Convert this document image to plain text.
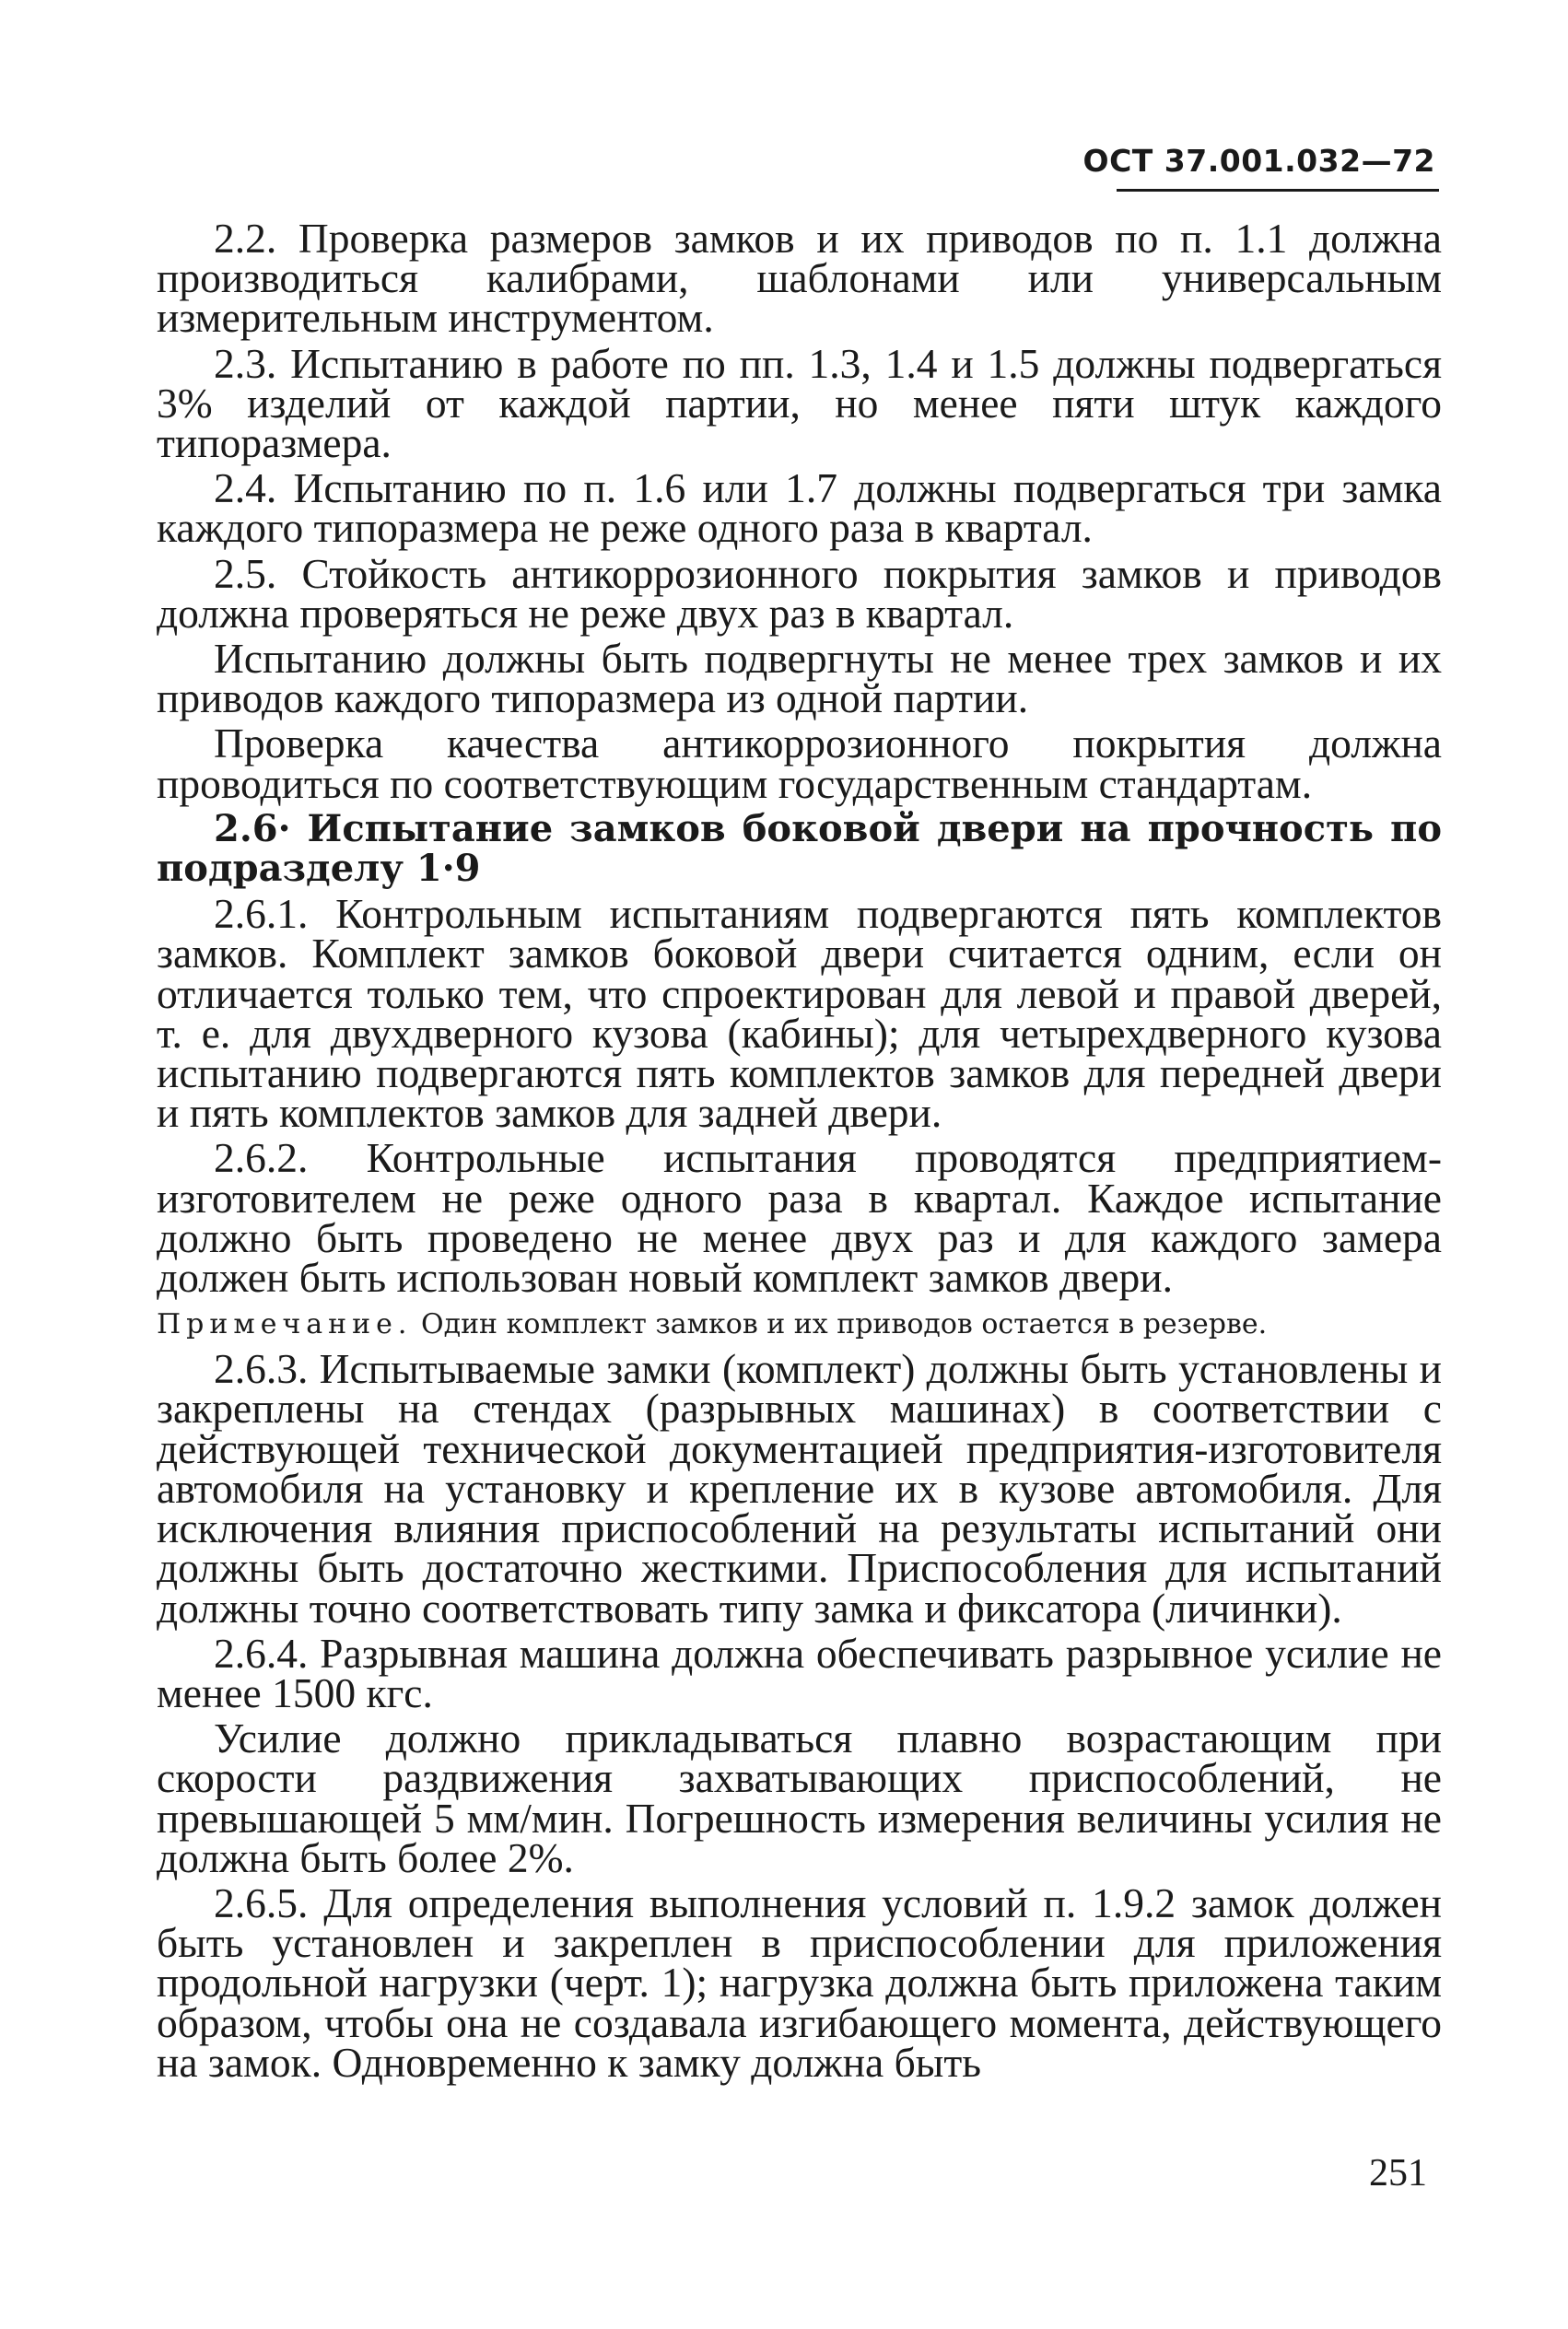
ОСТ 37.001.032—72

2.2. Проверка размеров замков и их приводов по п. 1.1 должна производиться калибрами, шаблонами или универсальным измерительным инструментом.

2.3. Испытанию в работе по пп. 1.3, 1.4 и 1.5 должны подвергаться 3% изделий от каждой партии, но менее пяти штук каждого типоразмера.

2.4. Испытанию по п. 1.6 или 1.7 должны подвергаться три замка каждого типоразмера не реже одного раза в квартал.

2.5. Стойкость антикоррозионного покрытия замков и приводов должна проверяться не реже двух раз в квартал.

Испытанию должны быть подвергнуты не менее трех замков и их приводов каждого типоразмера из одной партии.

Проверка качества антикоррозионного покрытия должна проводиться по соответствующим государственным стандартам.

2.6· Испытание замков боковой двери на прочность по подразделу 1·9

2.6.1. Контрольным испытаниям подвергаются пять комплектов замков. Комплект замков боковой двери считается одним, если он отличается только тем, что спроектирован для левой и правой дверей, т. е. для двухдверного кузова (кабины); для четырехдверного кузова испытанию подвергаются пять комплектов замков для передней двери и пять комплектов замков для задней двери.

2.6.2. Контрольные испытания проводятся предприятием-изготовителем не реже одного раза в квартал. Каждое испытание должно быть проведено не менее двух раз и для каждого замера должен быть использован новый комплект замков двери.

Примечание. Один комплект замков и их приводов остается в резерве.

2.6.3. Испытываемые замки (комплект) должны быть установлены и закреплены на стендах (разрывных машинах) в соответствии с действующей технической документацией предприятия-изготовителя автомобиля на установку и крепление их в кузове автомобиля. Для исключения влияния приспособлений на результаты испытаний они должны быть достаточно жесткими. Приспособления для испытаний должны точно соответствовать типу замка и фиксатора (личинки).

2.6.4. Разрывная машина должна обеспечивать разрывное усилие не менее 1500 кгс.

Усилие должно прикладываться плавно возрастающим при скорости раздвижения захватывающих приспособлений, не превышающей 5 мм/мин. Погрешность измерения величины усилия не должна быть более 2%.

2.6.5. Для определения выполнения условий п. 1.9.2 замок должен быть установлен и закреплен в приспособлении для приложения продольной нагрузки (черт. 1); нагрузка должна быть приложена таким образом, чтобы она не создавала изгибающего момента, действующего на замок. Одновременно к замку должна быть

251
